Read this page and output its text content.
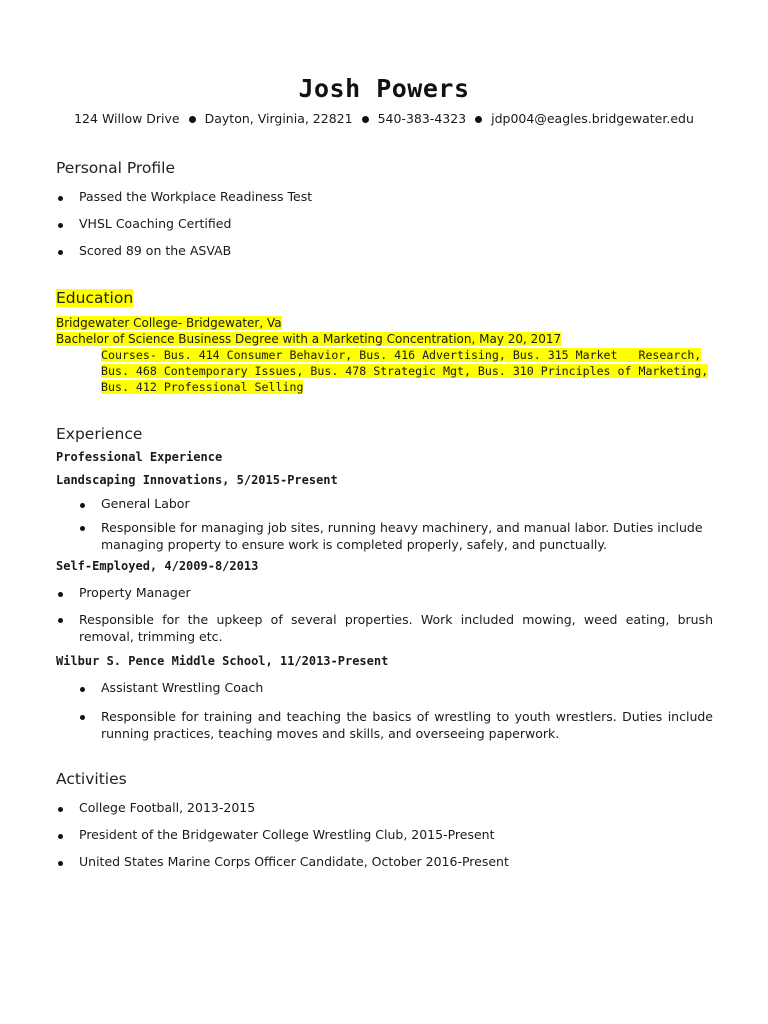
Josh Powers
124 Willow Drive Dayton, Virginia, 22821 540-383-4323 jdp004@eagles.bridgewater.edu
Personal Profile
Passed the Workplace Readiness Test
VHSL Coaching Certified
Scored 89 on the ASVAB
Education
Bridgewater College- Bridgewater, Va
Bachelor of Science Business Degree with a Marketing Concentration, May 20, 2017
Courses- Bus. 414 Consumer Behavior, Bus. 416 Advertising, Bus. 315 Market   Research,
Bus. 468 Contemporary Issues, Bus. 478 Strategic Mgt, Bus. 310 Principles of Marketing,
Bus. 412 Professional Selling
Experience
Professional Experience
Landscaping Innovations, 5/2015-Present
General Labor
Responsible for managing job sites, running heavy machinery, and manual labor. Duties include managing property to ensure work is completed properly, safely, and punctually.
Self-Employed, 4/2009-8/2013
Property Manager
Responsible for the upkeep of several properties. Work included mowing, weed eating, brush removal, trimming etc.
Wilbur S. Pence Middle School, 11/2013-Present
Assistant Wrestling Coach
Responsible for training and teaching the basics of wrestling to youth wrestlers. Duties include running practices, teaching moves and skills, and overseeing paperwork.
Activities
College Football, 2013-2015
President of the Bridgewater College Wrestling Club, 2015-Present
United States Marine Corps Officer Candidate, October 2016-Present
